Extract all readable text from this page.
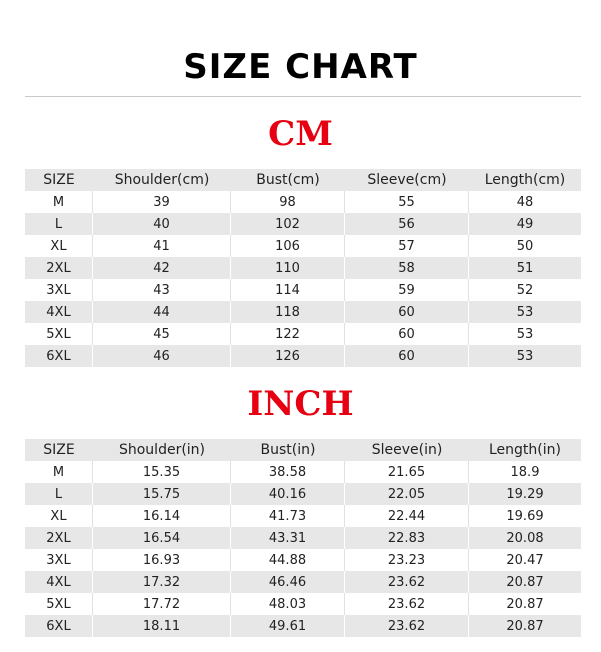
SIZE CHART
CM
SIZE	Shoulder(cm)	Bust(cm)	Sleeve(cm)	Length(cm)
M	39	98	55	48
L	40	102	56	49
XL	41	106	57	50
2XL	42	110	58	51
3XL	43	114	59	52
4XL	44	118	60	53
5XL	45	122	60	53
6XL	46	126	60	53
INCH
SIZE	Shoulder(in)	Bust(in)	Sleeve(in)	Length(in)
M	15.35	38.58	21.65	18.9
L	15.75	40.16	22.05	19.29
XL	16.14	41.73	22.44	19.69
2XL	16.54	43.31	22.83	20.08
3XL	16.93	44.88	23.23	20.47
4XL	17.32	46.46	23.62	20.87
5XL	17.72	48.03	23.62	20.87
6XL	18.11	49.61	23.62	20.87
